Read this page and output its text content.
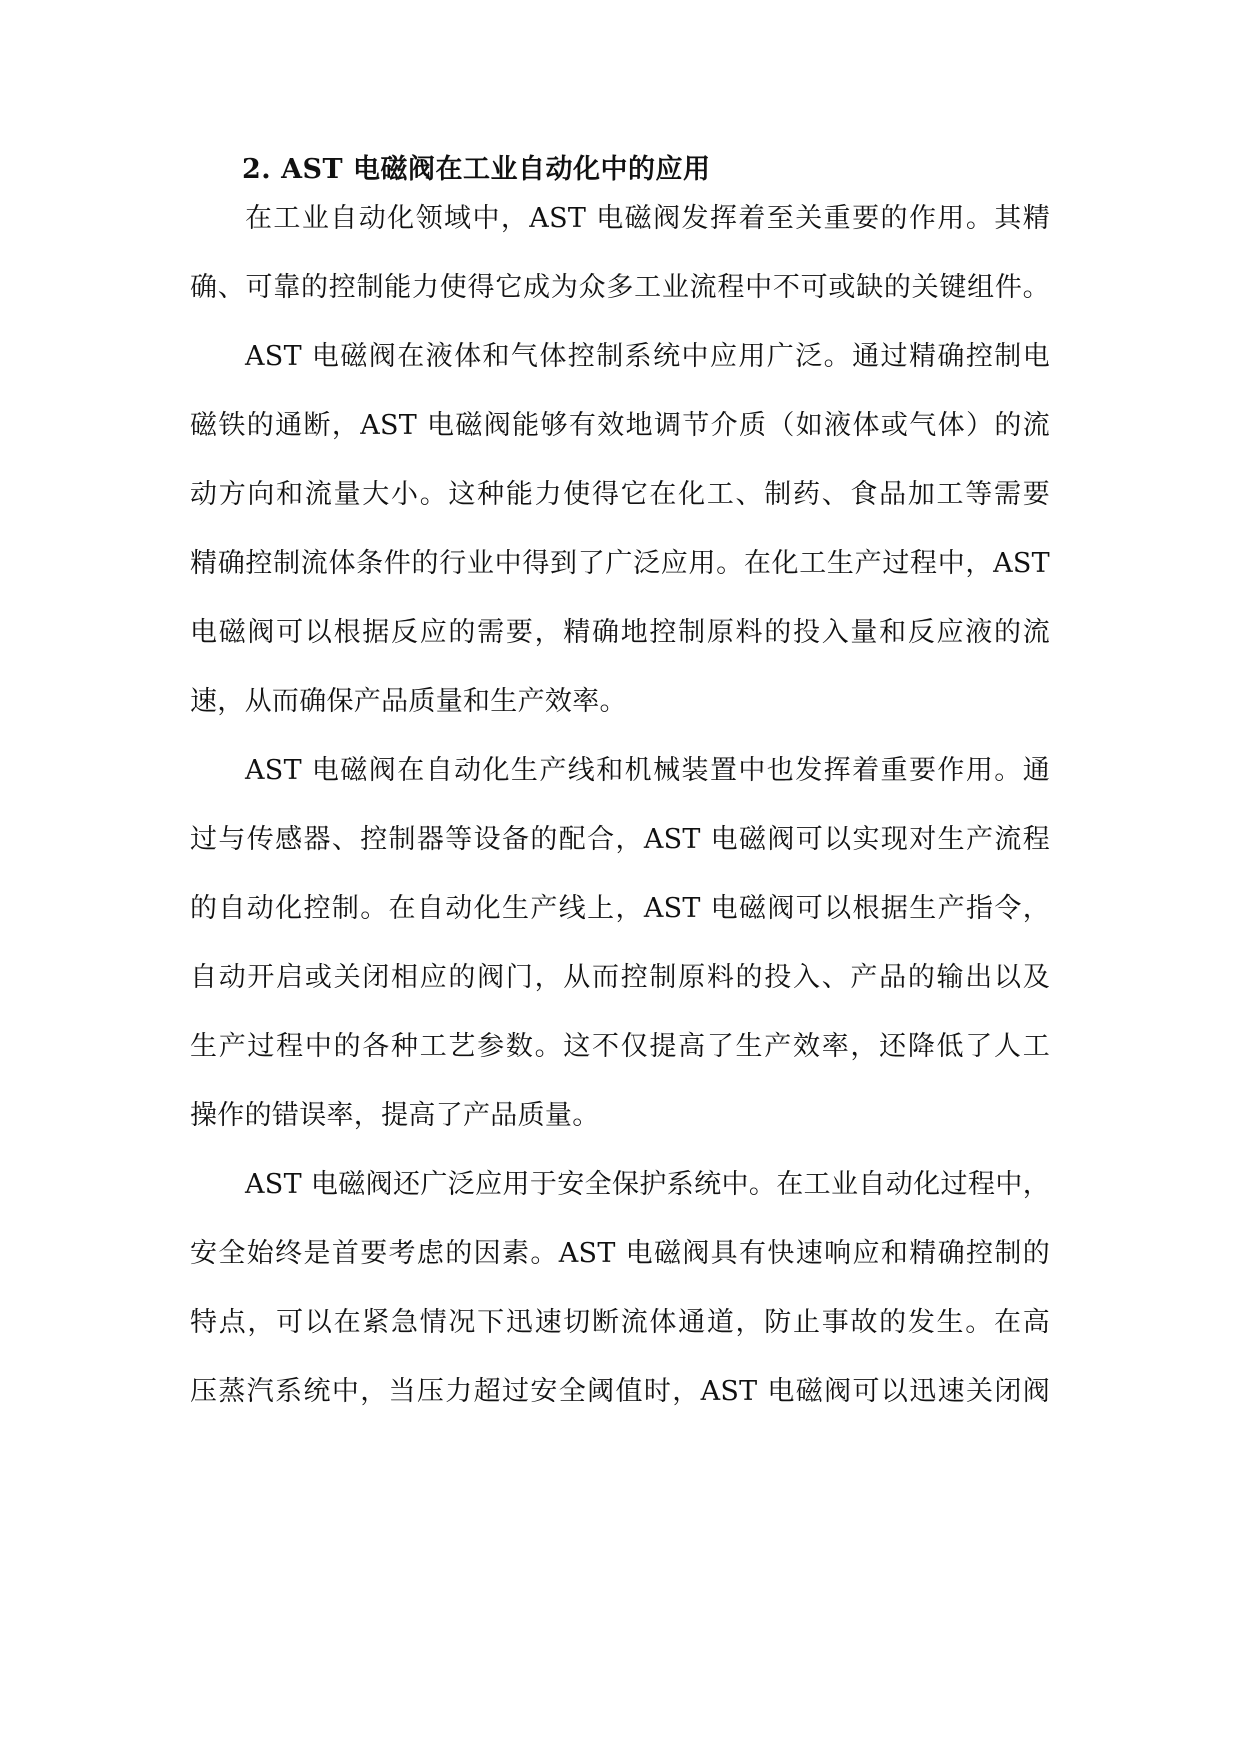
2. AST 电磁阀在工业自动化中的应用
在工业自动化领域中，AST 电磁阀发挥着至关重要的作用。其精
确、可靠的控制能力使得它成为众多工业流程中不可或缺的关键组件。
AST 电磁阀在液体和气体控制系统中应用广泛。通过精确控制电
磁铁的通断，AST 电磁阀能够有效地调节介质（如液体或气体）的流
动方向和流量大小。这种能力使得它在化工、制药、食品加工等需要
精确控制流体条件的行业中得到了广泛应用。在化工生产过程中，AST
电磁阀可以根据反应的需要，精确地控制原料的投入量和反应液的流
速，从而确保产品质量和生产效率。
AST 电磁阀在自动化生产线和机械装置中也发挥着重要作用。通
过与传感器、控制器等设备的配合，AST 电磁阀可以实现对生产流程
的自动化控制。在自动化生产线上，AST 电磁阀可以根据生产指令，
自动开启或关闭相应的阀门，从而控制原料的投入、产品的输出以及
生产过程中的各种工艺参数。这不仅提高了生产效率，还降低了人工
操作的错误率，提高了产品质量。
AST 电磁阀还广泛应用于安全保护系统中。在工业自动化过程中，
安全始终是首要考虑的因素。AST 电磁阀具有快速响应和精确控制的
特点，可以在紧急情况下迅速切断流体通道，防止事故的发生。在高
压蒸汽系统中，当压力超过安全阈值时，AST 电磁阀可以迅速关闭阀
